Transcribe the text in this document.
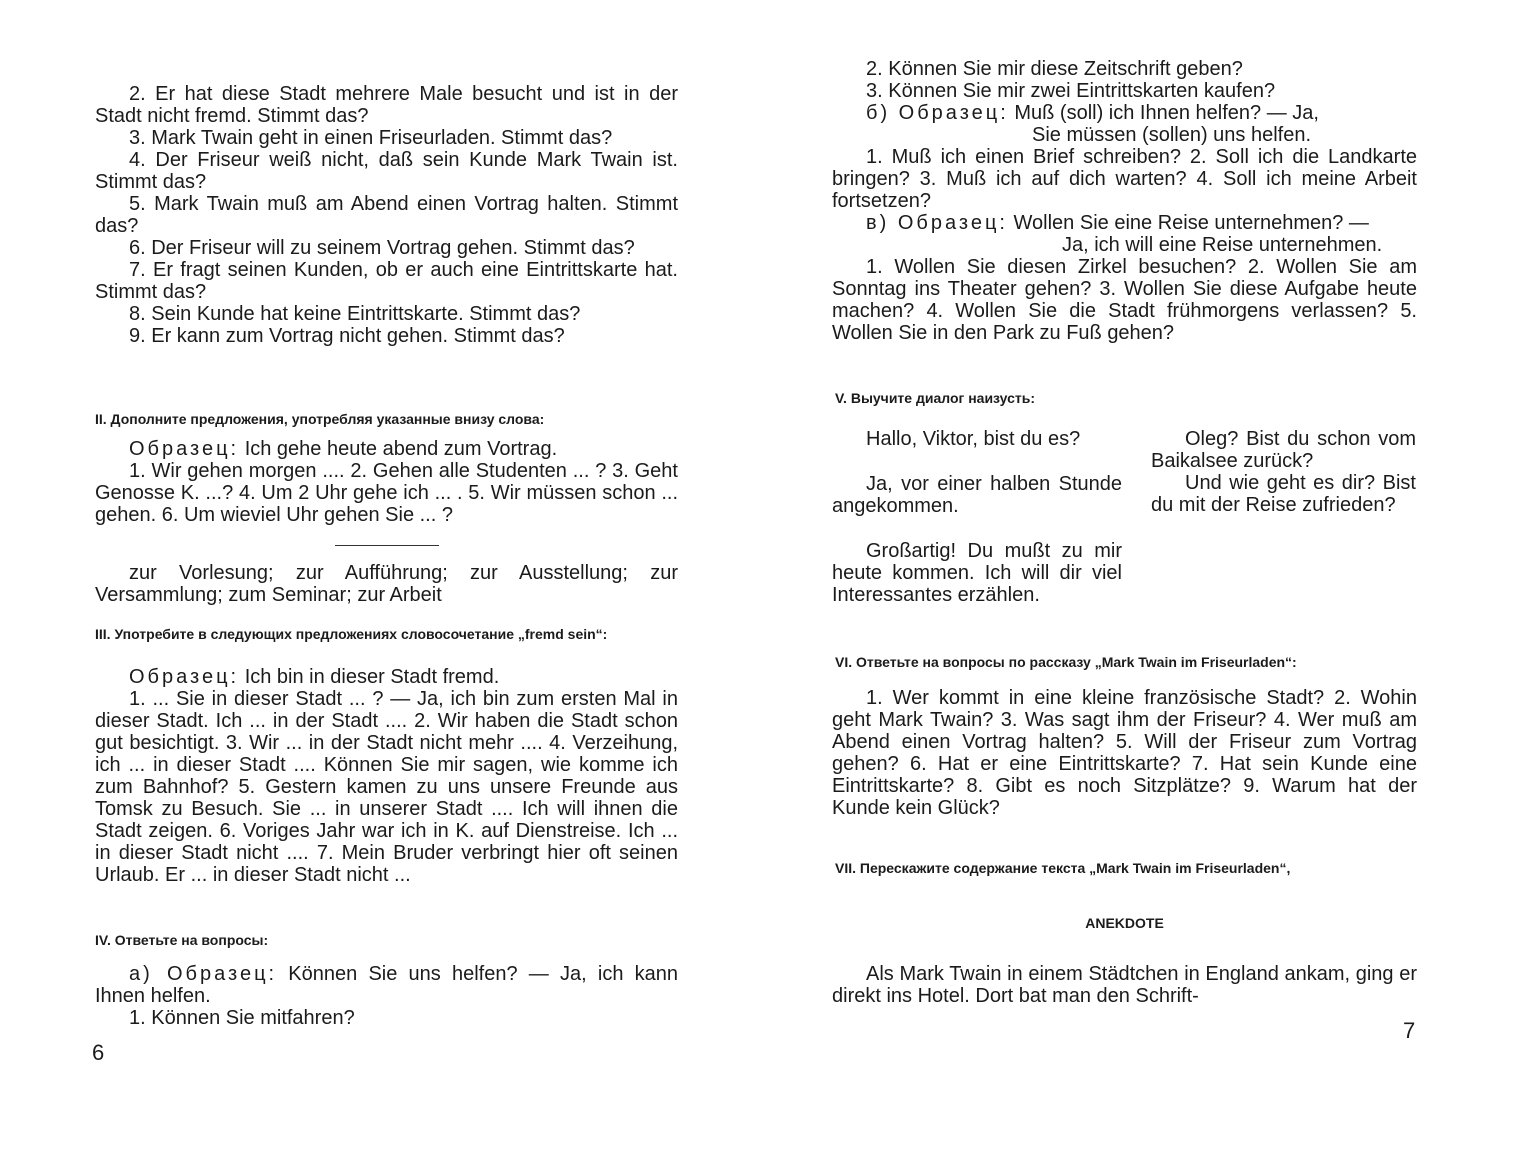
2. Er hat diese Stadt mehrere Male besucht und ist in der Stadt nicht fremd. Stimmt das?

3. Mark Twain geht in einen Friseurladen. Stimmt das?

4. Der Friseur weiß nicht, daß sein Kunde Mark Twain ist. Stimmt das?

5. Mark Twain muß am Abend einen Vortrag halten. Stimmt das?

6. Der Friseur will zu seinem Vortrag gehen. Stimmt das?

7. Er fragt seinen Kunden, ob er auch eine Eintrittskarte hat. Stimmt das?

8. Sein Kunde hat keine Eintrittskarte. Stimmt das?

9. Er kann zum Vortrag nicht gehen. Stimmt das?

II. Дополните предложения, употребляя указанные внизу слова:

Образец: Ich gehe heute abend zum Vortrag.

1. Wir gehen morgen .... 2. Gehen alle Studenten ... ? 3. Geht Genosse K. ...? 4. Um 2 Uhr gehe ich ... . 5. Wir müssen schon ... gehen. 6. Um wieviel Uhr gehen Sie ... ?

zur Vorlesung; zur Aufführung; zur Ausstellung; zur Versammlung; zum Seminar; zur Arbeit

III. Употребите в следующих предложениях словосочетание „fremd sein“:

Образец: Ich bin in dieser Stadt fremd.

1. ... Sie in dieser Stadt ... ? — Ja, ich bin zum ersten Mal in dieser Stadt. Ich ... in der Stadt .... 2. Wir haben die Stadt schon gut besichtigt. 3. Wir ... in der Stadt nicht mehr .... 4. Verzeihung, ich ... in dieser Stadt .... Können Sie mir sagen, wie komme ich zum Bahnhof? 5. Gestern kamen zu uns unsere Freunde aus Tomsk zu Besuch. Sie ... in unserer Stadt .... Ich will ihnen die Stadt zeigen. 6. Voriges Jahr war ich in K. auf Dienstreise. Ich ... in dieser Stadt nicht .... 7. Mein Bruder verbringt hier oft seinen Urlaub. Er ... in dieser Stadt nicht ...

IV. Ответьте на вопросы:

а) Образец: Können Sie uns helfen? — Ja, ich kann Ihnen helfen.

1. Können Sie mitfahren?

6

2. Können Sie mir diese Zeitschrift geben?

3. Können Sie mir zwei Eintrittskarten kaufen?

б) Образец: Muß (soll) ich Ihnen helfen? — Ja,

Sie müssen (sollen) uns helfen.

1. Muß ich einen Brief schreiben? 2. Soll ich die Landkarte bringen? 3. Muß ich auf dich warten? 4. Soll ich meine Arbeit fortsetzen?

в) Образец: Wollen Sie eine Reise unternehmen? —

Ja, ich will eine Reise unternehmen.

1. Wollen Sie diesen Zirkel besuchen? 2. Wollen Sie am Sonntag ins Theater gehen? 3. Wollen Sie diese Aufgabe heute machen? 4. Wollen Sie die Stadt frühmorgens verlassen? 5. Wollen Sie in den Park zu Fuß gehen?

V. Выучите диалог наизусть:

Hallo, Viktor, bist du es?

Ja, vor einer halben Stunde angekommen.

Großartig! Du mußt zu mir heute kommen. Ich will dir viel Interessantes erzählen.

Oleg? Bist du schon vom Baikalsee zurück?

Und wie geht es dir? Bist du mit der Reise zufrieden?

VI. Ответьте на вопросы по рассказу „Mark Twain im Friseurladen“:

1. Wer kommt in eine kleine französische Stadt? 2. Wohin geht Mark Twain? 3. Was sagt ihm der Friseur? 4. Wer muß am Abend einen Vortrag halten? 5. Will der Friseur zum Vortrag gehen? 6. Hat er eine Eintrittskarte? 7. Hat sein Kunde eine Eintrittskarte? 8. Gibt es noch Sitzplätze? 9. Warum hat der Kunde kein Glück?

VII. Перескажите содержание текста „Mark Twain im Friseurladen“,
ANEKDOTE

Als Mark Twain in einem Städtchen in England ankam, ging er direkt ins Hotel. Dort bat man den Schrift-

7
